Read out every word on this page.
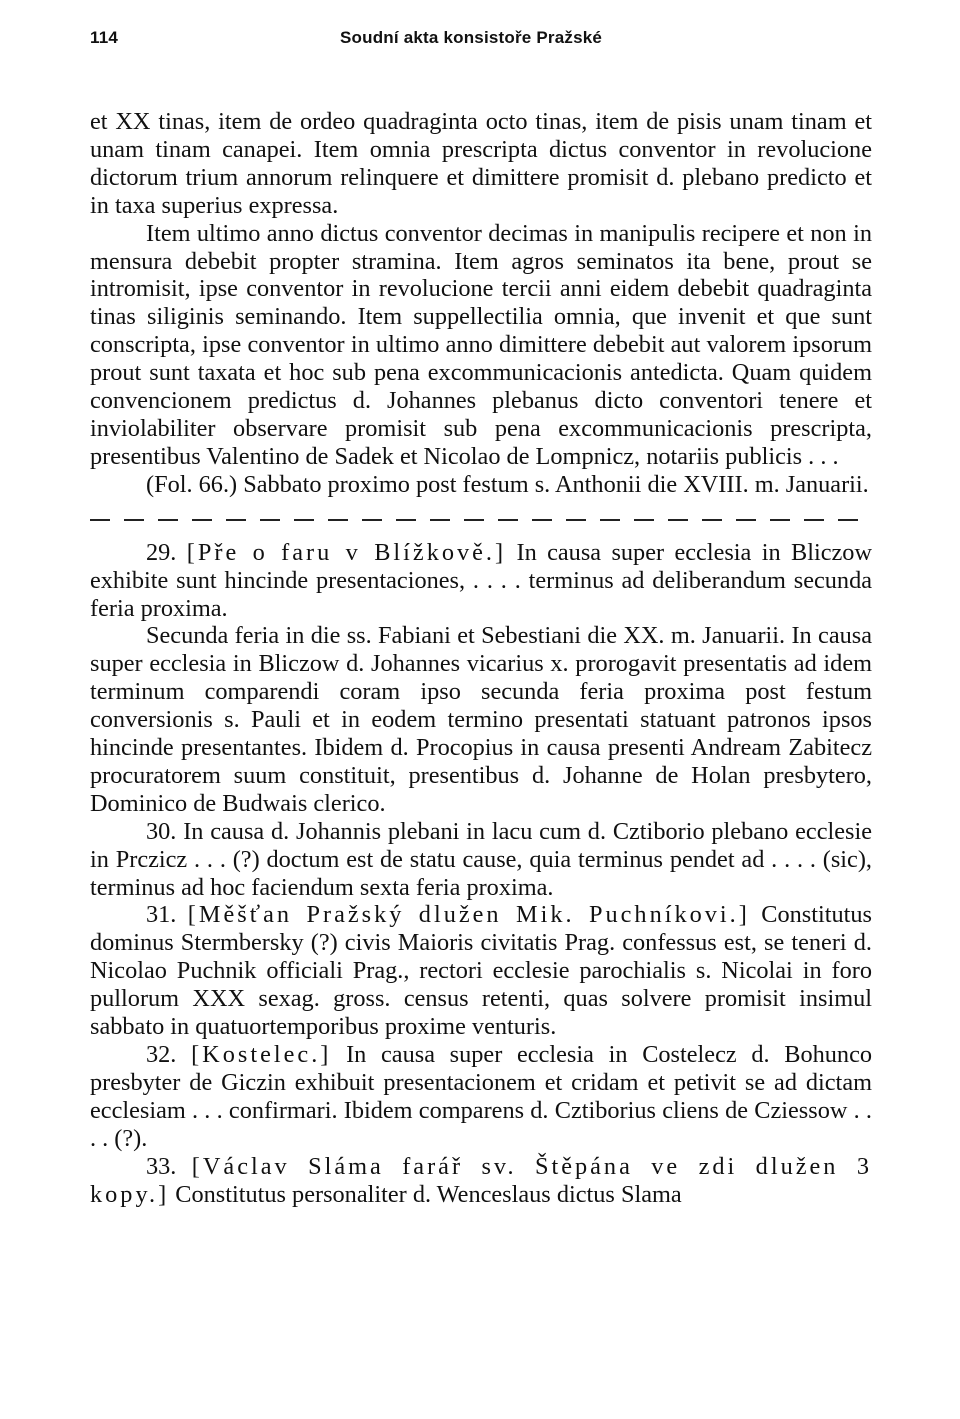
114	Soudní akta konsistoře Pražské

et XX tinas, item de ordeo quadraginta octo tinas, item de pisis unam tinam et unam tinam canapei. Item omnia prescripta dictus conventor in revolucione dictorum trium annorum relinquere et dimittere promisit d. plebano predicto et in taxa superius expressa.

Item ultimo anno dictus conventor decimas in manipulis recipere et non in mensura debebit propter stramina. Item agros seminatos ita bene, prout se intromisit, ipse conventor in revolucione tercii anni eidem debebit quadraginta tinas siliginis seminando. Item suppellectilia omnia, que invenit et que sunt conscripta, ipse conventor in ultimo anno dimittere debebit aut valorem ipsorum prout sunt taxata et hoc sub pena excommunicacionis antedicta. Quam quidem convencionem predictus d. Johannes plebanus dicto conventori tenere et inviolabiliter observare promisit sub pena excommunicacionis prescripta, presentibus Valentino de Sadek et Nicolao de Lompnicz, notariis publicis . . .

(Fol. 66.) Sabbato proximo post festum s. Anthonii die XVIII. m. Januarii.

29. [Pře o faru v Blížkově.] In causa super ecclesia in Bliczow exhibite sunt hincinde presentaciones, . . . . terminus ad deliberandum secunda feria proxima.

Secunda feria in die ss. Fabiani et Sebestiani die XX. m. Januarii. In causa super ecclesia in Bliczow d. Johannes vicarius x. prorogavit presentatis ad idem terminum comparendi coram ipso secunda feria proxima post festum conversionis s. Pauli et in eodem termino presentati statuant patronos ipsos hincinde presentantes. Ibidem d. Procopius in causa presenti Andream Zabitecz procuratorem suum constituit, presentibus d. Johanne de Holan presbytero, Dominico de Budwais clerico.

30. In causa d. Johannis plebani in lacu cum d. Cztiborio plebano ecclesie in Prczicz . . . (?) doctum est de statu cause, quia terminus pendet ad . . . . (sic), terminus ad hoc faciendum sexta feria proxima.

31. [Měšťan Pražský dlužen Mik. Puchníkovi.] Constitutus dominus Stermbersky (?) civis Maioris civitatis Prag. confessus est, se teneri d. Nicolao Puchnik officiali Prag., rectori ecclesie parochialis s. Nicolai in foro pullorum XXX sexag. gross. census retenti, quas solvere promisit insimul sabbato in quatuortemporibus proxime venturis.

32. [Kostelec.] In causa super ecclesia in Costelecz d. Bohunco presbyter de Giczin exhibuit presentacionem et cridam et petivit se ad dictam ecclesiam . . . confirmari. Ibidem comparens d. Cztiborius cliens de Cziessow . . . . (?).

33. [Václav Sláma farář sv. Štěpána ve zdi dlužen 3 kopy.] Constitutus personaliter d. Wenceslaus dictus Slama
